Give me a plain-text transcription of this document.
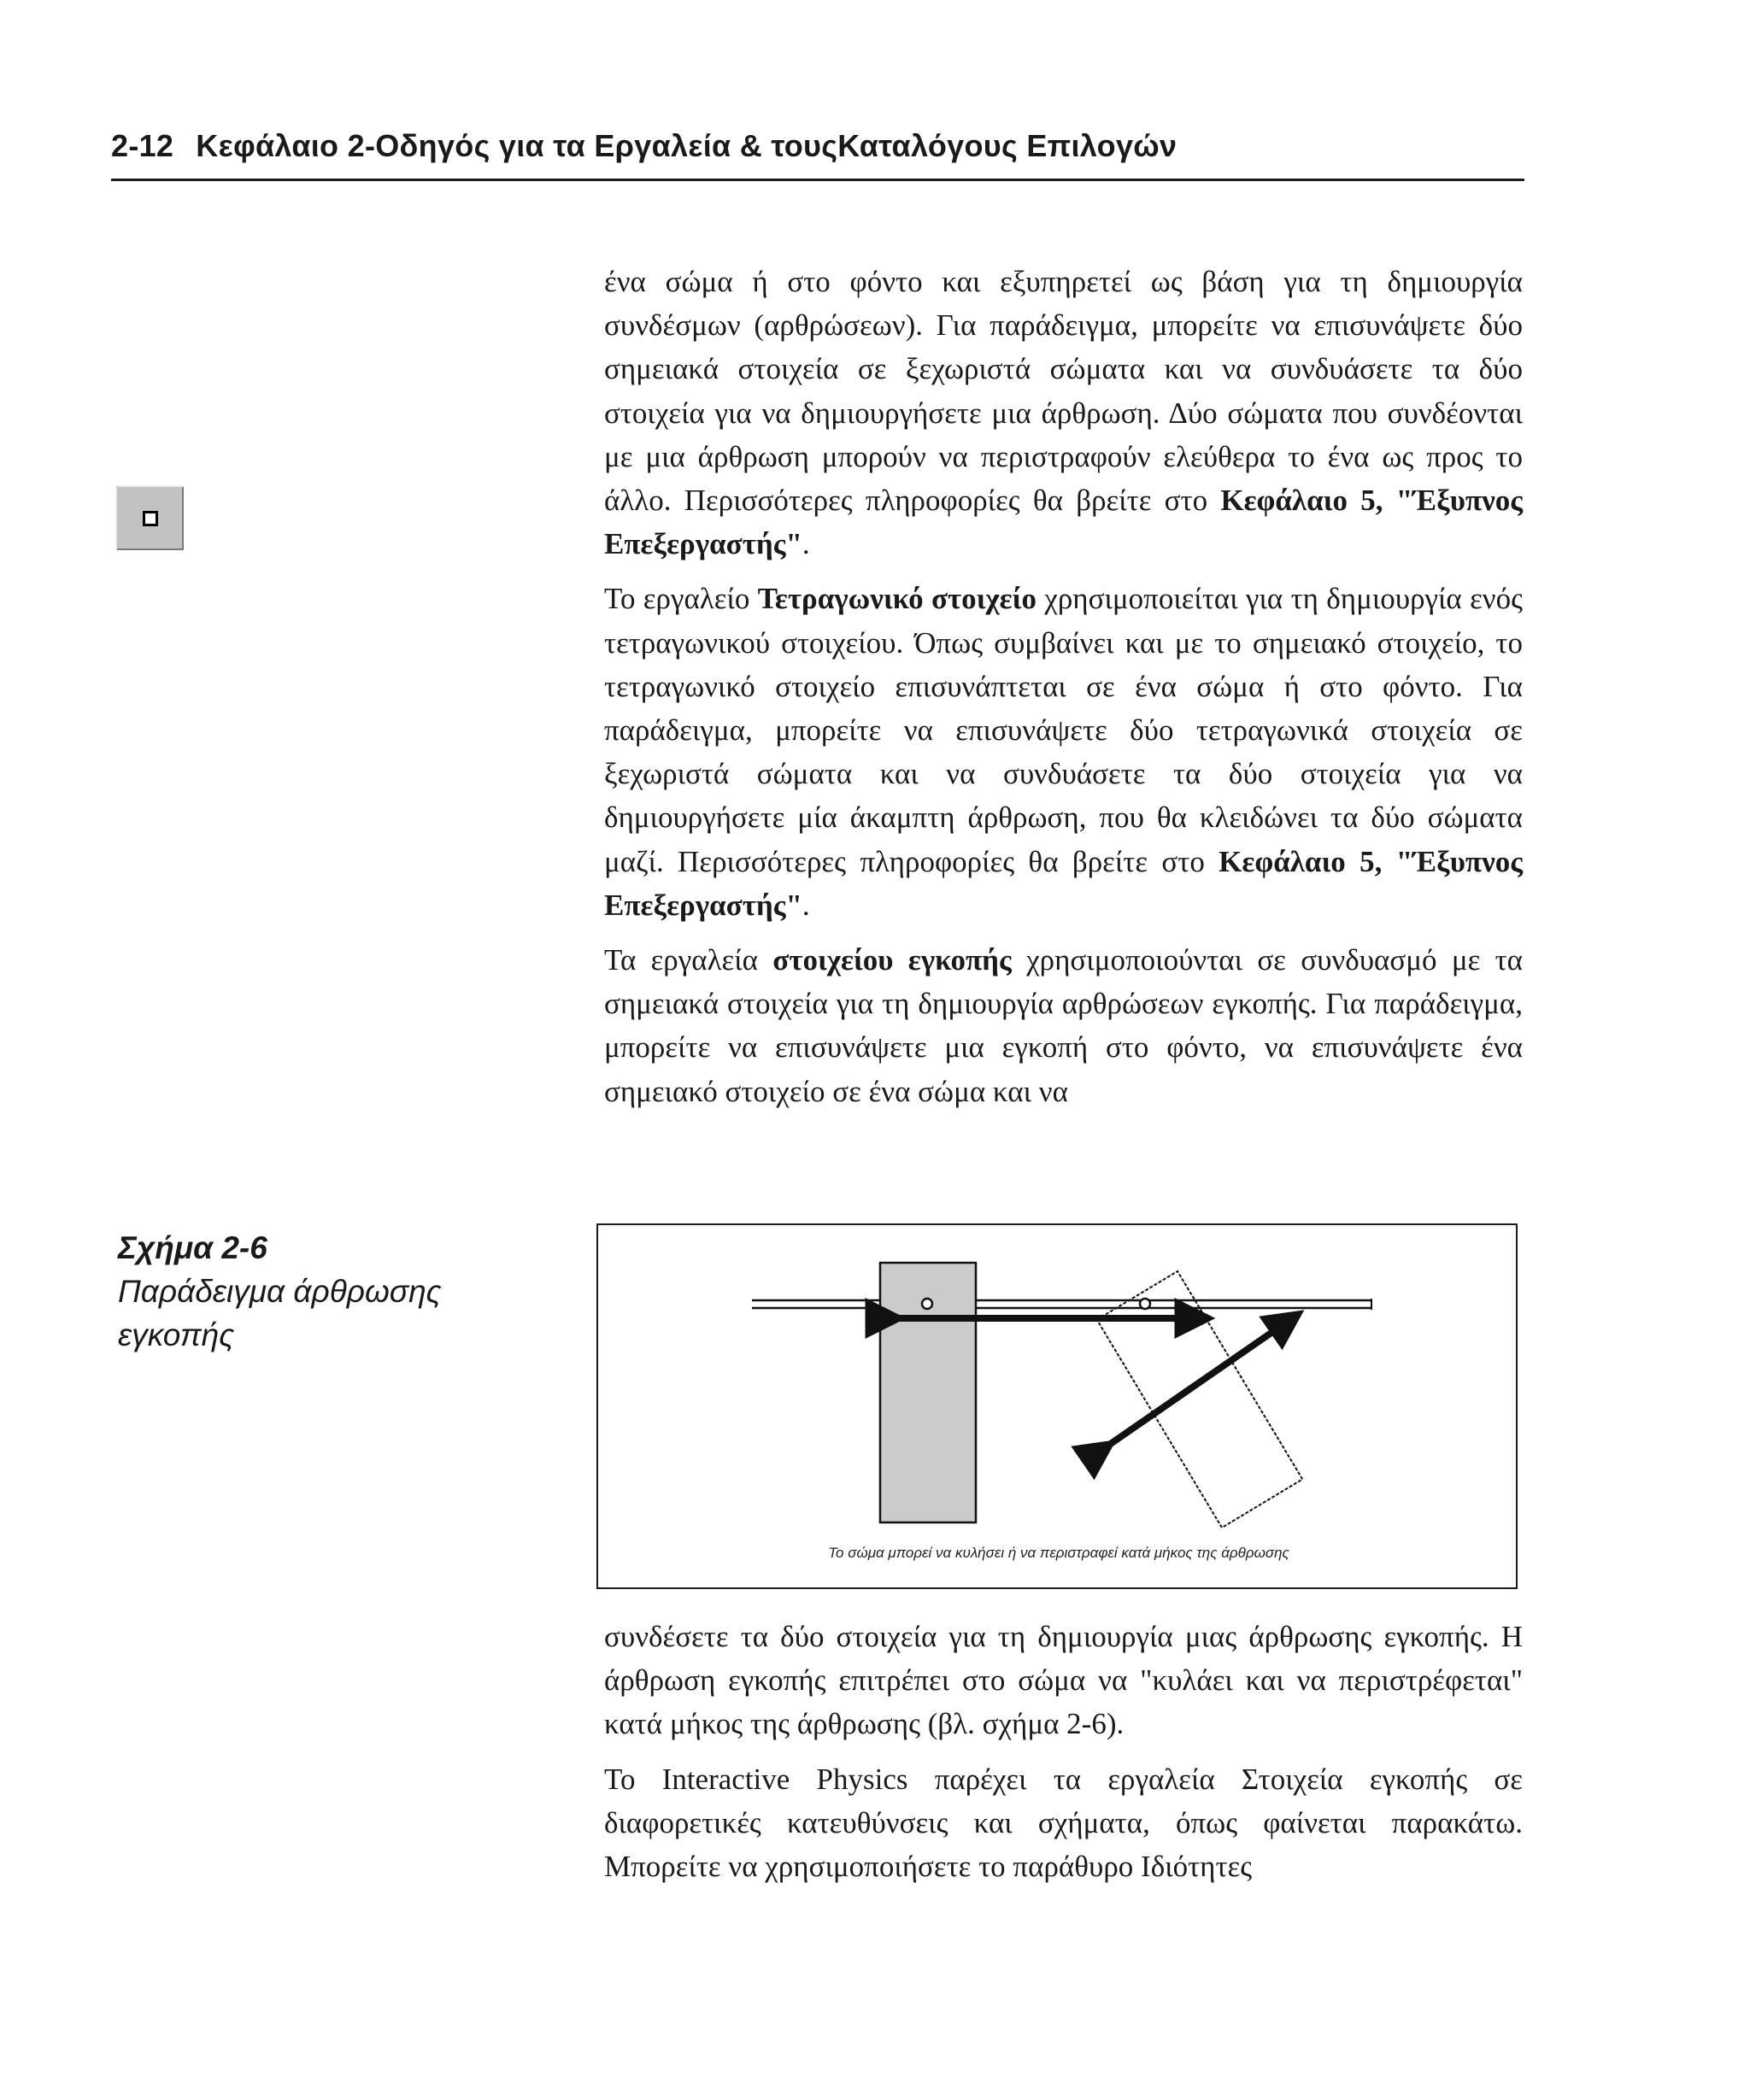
2-12 Κεφάλαιο 2-Οδηγός για τα Εργαλεία & τουςΚαταλόγους Επιλογών

ένα σώμα ή στο φόντο και εξυπηρετεί ως βάση για τη δημιουργία συνδέσμων (αρθρώσεων). Για παράδειγμα, μπορείτε να επισυνάψετε δύο σημειακά στοιχεία σε ξεχωριστά σώματα και να συνδυάσετε τα δύο στοιχεία για να δημιουργήσετε μια άρθρωση. Δύο σώματα που συνδέονται με μια άρθρωση μπορούν να περιστραφούν ελεύθερα το ένα ως προς το άλλο. Περισσότερες πληροφορίες θα βρείτε στο Κεφάλαιο 5, "Έξυπνος Επεξεργαστής".

Το εργαλείο Τετραγωνικό στοιχείο χρησιμοποιείται για τη δημιουργία ενός τετραγωνικού στοιχείου. Όπως συμβαίνει και με το σημειακό στοιχείο, το τετραγωνικό στοιχείο επισυνάπτεται σε ένα σώμα ή στο φόντο. Για παράδειγμα, μπορείτε να επισυνάψετε δύο τετραγωνικά στοιχεία σε ξεχωριστά σώματα και να συνδυάσετε τα δύο στοιχεία για να δημιουργήσετε μία άκαμπτη άρθρωση, που θα κλειδώνει τα δύο σώματα μαζί. Περισσότερες πληροφορίες θα βρείτε στο Κεφάλαιο 5, "Έξυπνος Επεξεργαστής".

Τα εργαλεία στοιχείου εγκοπής χρησιμοποιούνται σε συνδυασμό με τα σημειακά στοιχεία για τη δημιουργία αρθρώσεων εγκοπής. Για παράδειγμα, μπορείτε να επισυνάψετε μια εγκοπή στο φόντο, να επισυνάψετε ένα σημειακό στοιχείο σε ένα σώμα και να

Σχήμα 2-6
Παράδειγμα άρθρωσης εγκοπής
Το σώμα μπορεί να κυλήσει ή να περιστραφεί κατά μήκος της άρθρωσης

συνδέσετε τα δύο στοιχεία για τη δημιουργία μιας άρθρωσης εγκοπής. Η άρθρωση εγκοπής επιτρέπει στο σώμα να "κυλάει και να περιστρέφεται" κατά μήκος της άρθρωσης (βλ. σχήμα 2-6).

Το Interactive Physics παρέχει τα εργαλεία Στοιχεία εγκοπής σε διαφορετικές κατευθύνσεις και σχήματα, όπως φαίνεται παρακάτω. Μπορείτε να χρησιμοποιήσετε το παράθυρο Ιδιότητες
